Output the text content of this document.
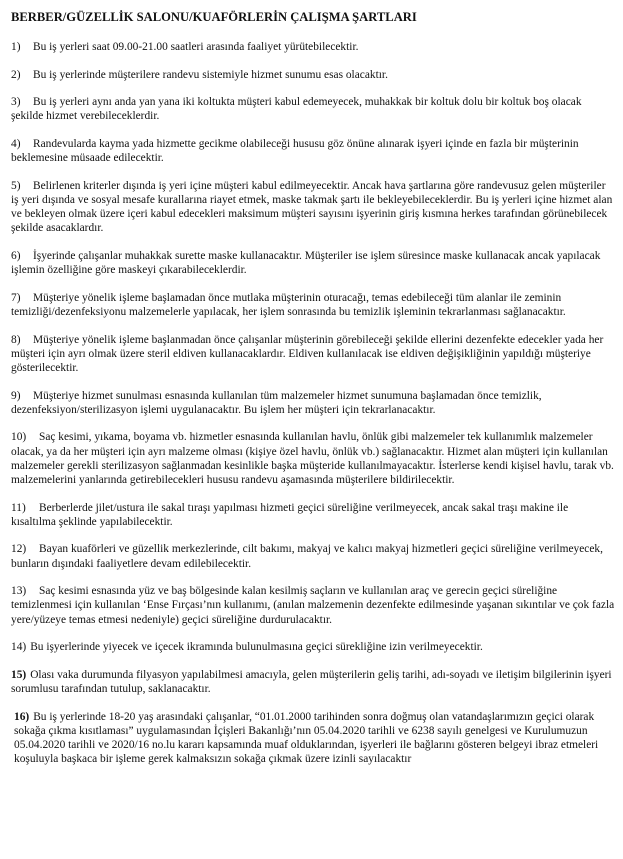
BERBER/GÜZELLİK SALONU/KUAFÖRLERİN ÇALIŞMA ŞARTLARI
1) Bu iş yerleri saat 09.00-21.00 saatleri arasında faaliyet yürütebilecektir.
2) Bu iş yerlerinde müşterilere randevu sistemiyle hizmet sunumu esas olacaktır.
3) Bu iş yerleri aynı anda yan yana iki koltukta müşteri kabul edemeyecek, muhakkak bir koltuk dolu bir koltuk boş olacak şekilde hizmet verebileceklerdir.
4) Randevularda kayma yada hizmette gecikme olabileceği hususu göz önüne alınarak işyeri içinde en fazla bir müşterinin beklemesine müsaade edilecektir.
5) Belirlenen kriterler dışında iş yeri içine müşteri kabul edilmeyecektir. Ancak hava şartlarına göre randevusuz gelen müşteriler iş yeri dışında ve sosyal mesafe kurallarına riayet etmek, maske takmak şartı ile bekleyebileceklerdir. Bu iş yerleri içine hizmet alan ve bekleyen olmak üzere içeri kabul edecekleri maksimum müşteri sayısını işyerinin giriş kısmına herkes tarafından görünebilecek şekilde asacaklardır.
6) İşyerinde çalışanlar muhakkak surette maske kullanacaktır. Müşteriler ise işlem süresince maske kullanacak ancak yapılacak işlemin özelliğine göre maskeyi çıkarabileceklerdir.
7) Müşteriye yönelik işleme başlamadan önce mutlaka müşterinin oturacağı, temas edebileceği tüm alanlar ile zeminin temizliği/dezenfeksiyonu malzemelerle yapılacak, her işlem sonrasında bu temizlik işleminin tekrarlanması sağlanacaktır.
8) Müşteriye yönelik işleme başlanmadan önce çalışanlar müşterinin görebileceği şekilde ellerini dezenfekte edecekler yada her müşteri için ayrı olmak üzere steril eldiven kullanacaklardır. Eldiven kullanılacak ise eldiven değişikliğinin yapıldığı müşteriye gösterilecektir.
9) Müşteriye hizmet sunulması esnasında kullanılan tüm malzemeler hizmet sunumuna başlamadan önce temizlik, dezenfeksiyon/sterilizasyon işlemi uygulanacaktır. Bu işlem her müşteri için tekrarlanacaktır.
10) Saç kesimi, yıkama, boyama vb. hizmetler esnasında kullanılan havlu, önlük gibi malzemeler tek kullanımlık malzemeler olacak, ya da her müşteri için ayrı malzeme olması (kişiye özel havlu, önlük vb.) sağlanacaktır. Hizmet alan müşteri için kullanılan malzemeler gerekli sterilizasyon sağlanmadan kesinlikle başka müşteride kullanılmayacaktır. İsterlerse kendi kişisel havlu, tarak vb. malzemelerini yanlarında getirebilecekleri hususu randevu aşamasında müşterilere bildirilecektir.
11) Berberlerde jilet/ustura ile sakal tıraşı yapılması hizmeti geçici süreliğine verilmeyecek, ancak sakal traşı makine ile kısaltılma şeklinde yapılabilecektir.
12) Bayan kuaförleri ve güzellik merkezlerinde, cilt bakımı, makyaj ve kalıcı makyaj hizmetleri geçici süreliğine verilmeyecek, bunların dışındaki faaliyetlere devam edilebilecektir.
13) Saç kesimi esnasında yüz ve baş bölgesinde kalan kesilmiş saçların ve kullanılan araç ve gerecin geçici süreliğine temizlenmesi için kullanılan ‘Ense Fırçası’nın kullanımı, (anılan malzemenin dezenfekte edilmesinde yaşanan sıkıntılar ve çok fazla yere/yüzeye temas etmesi nedeniyle) geçici süreliğine durdurulacaktır.
14) Bu işyerlerinde yiyecek ve içecek ikramında bulunulmasına geçici sürekliğine izin verilmeyecektir.
15) Olası vaka durumunda filyasyon yapılabilmesi amacıyla, gelen müşterilerin geliş tarihi, adı-soyadı ve iletişim bilgilerinin işyeri sorumlusu tarafından tutulup, saklanacaktır.
16) Bu iş yerlerinde 18-20 yaş arasındaki çalışanlar, “01.01.2000 tarihinden sonra doğmuş olan vatandaşlarımızın geçici olarak sokağa çıkma kısıtlaması” uygulamasından İçişleri Bakanlığı’nın 05.04.2020 tarihli ve 6238 sayılı genelgesi ve Kurulumuzun 05.04.2020 tarihli ve 2020/16 no.lu kararı kapsamında muaf olduklarından, işyerleri ile bağlarını gösteren belgeyi ibraz etmeleri koşuluyla başkaca bir işleme gerek kalmaksızın sokağa çıkmak üzere izinli sayılacaktır
